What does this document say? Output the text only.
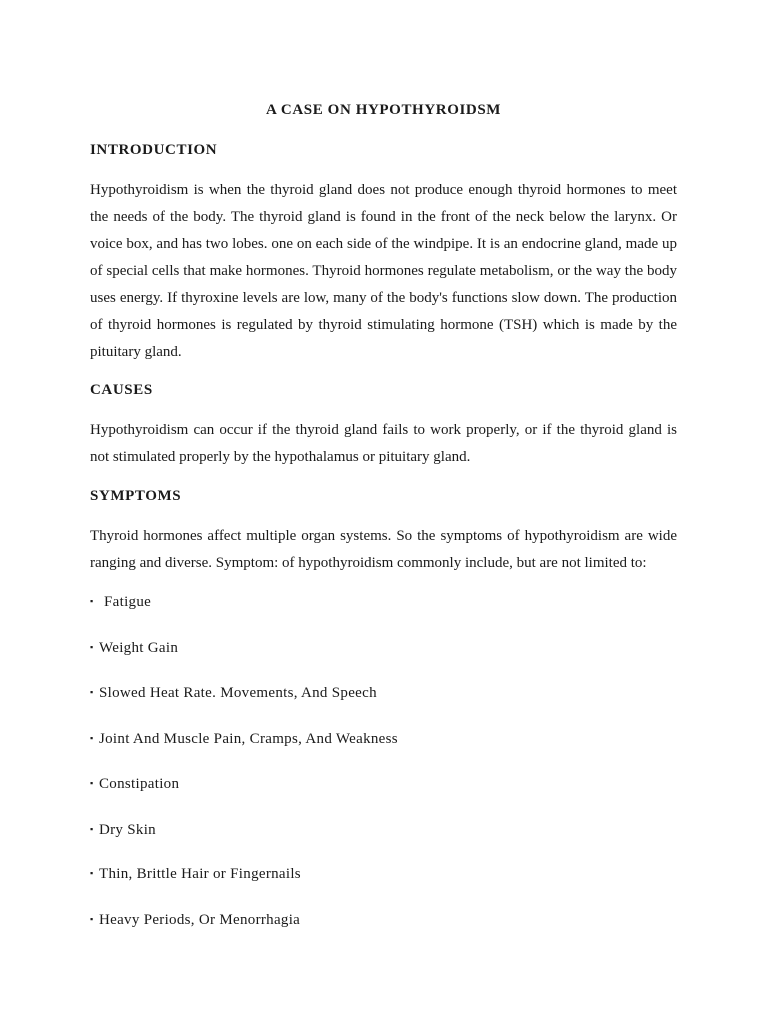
A CASE ON HYPOTHYROIDSM
INTRODUCTION

Hypothyroidism is when the thyroid gland does not produce enough thyroid hormones to meet the needs of the body. The thyroid gland is found in the front of the neck below the larynx. Or voice box, and has two lobes. one on each side of the windpipe. It is an endocrine gland, made up of special cells that make hormones. Thyroid hormones regulate metabolism, or the way the body uses energy. If thyroxine levels are low, many of the body's functions slow down. The production of thyroid hormones is regulated by thyroid stimulating hormone (TSH) which is made by the pituitary gland.

CAUSES

Hypothyroidism can occur if the thyroid gland fails to work properly, or if the thyroid gland is not stimulated properly by the hypothalamus or pituitary gland.

SYMPTOMS

Thyroid hormones affect multiple organ systems. So the symptoms of hypothyroidism are wide ranging and diverse. Symptom: of hypothyroidism commonly include, but are not limited to:

▪ Fatigue
▪ Weight Gain
▪ Slowed Heat Rate. Movements, And Speech
▪ Joint And Muscle Pain, Cramps, And Weakness
▪ Constipation
▪ Dry Skin
▪ Thin, Brittle Hair or Fingernails
▪ Heavy Periods, Or Menorrhagia
